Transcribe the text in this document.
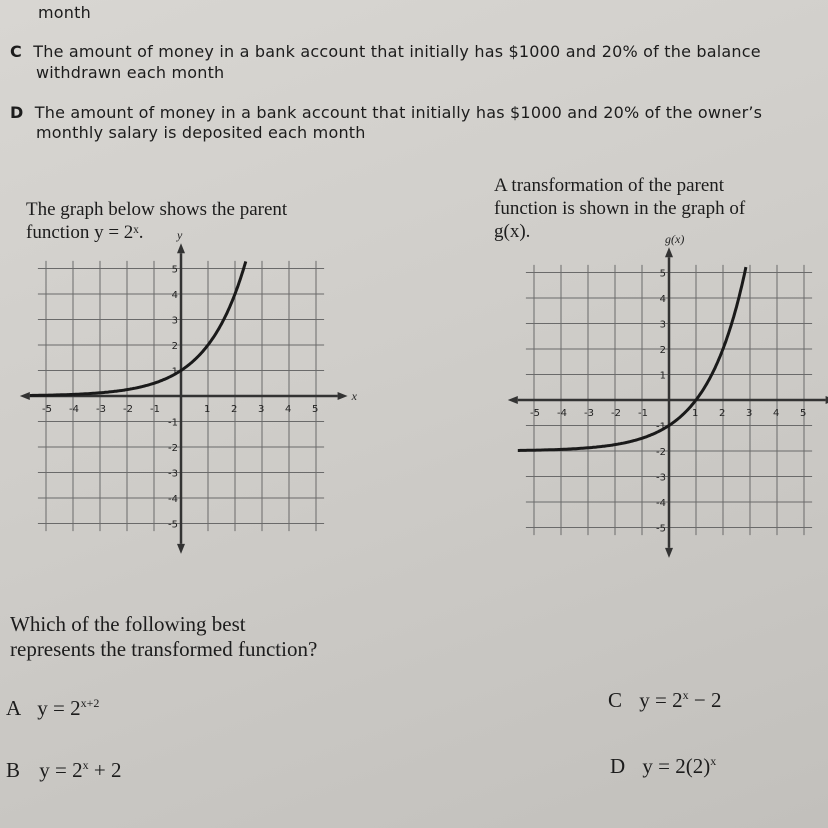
month
C The amount of money in a bank account that initially has $1000 and 20% of the balance
withdrawn each month
D The amount of money in a bank account that initially has $1000 and 20% of the owner’s
monthly salary is deposited each month
The graph below shows the parent
function y = 2ˣ.
A transformation of the parent
function is shown in the graph of
g(x).
x
y
-5 -4 -3 -2 -1	1 2 3 4 5
5
4
3
2
1
-1
-2
-3
-4
-5
g(x)
-5 -4 -3 -2 -1	1 2 3 4 5
5
4
3
2
1
-1
-2
-3
-4
-5
Which of the following best
represents the transformed function?
A $y = 2^{x+2}$
B $y = 2^x + 2$
C $y = 2^x - 2$
D $y = 2(2)^x$
